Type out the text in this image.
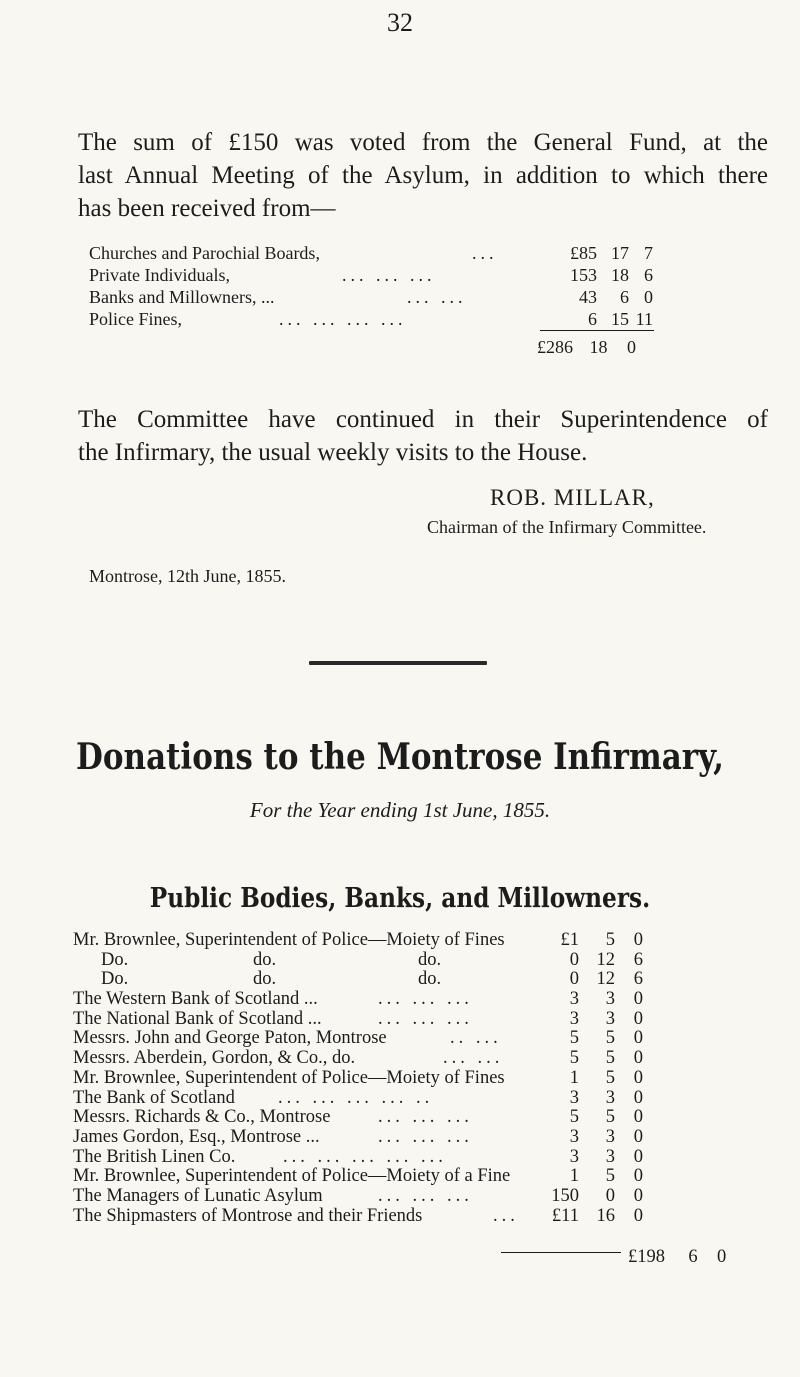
32
The sum of £150 was voted from the General Fund, at the
last Annual Meeting of the Asylum, in addition to which there
has been received from—
Churches and Parochial Boards,	...	£85 17 7
Private Individuals,	... ... ...	153 18 6
Banks and Millowners, ...	... ...	43	6 0
Police Fines,	... ... ... ...	6 15 11
£286 18 0
The Committee have continued in their Superintendence of
the Infirmary, the usual weekly visits to the House.
ROB. MILLAR,
Chairman of the Infirmary Committee.
Montrose, 12th June, 1855.
Donations to the Montrose Infirmary,
For the Year ending 1st June, 1855.
Public Bodies, Banks, and Millowners.
Mr. Brownlee, Superintendent of Police—Moiety of Fines	£1	5	0
Do.	do.	do.	0 12	6
Do.	do.	do.	0 12	6
The Western Bank of Scotland ...	... ... ...	3	3	0
The National Bank of Scotland ...	... ... ...	3	3	0
Messrs. John and George Paton, Montrose	.. ...	5	5	0
Messrs. Aberdein, Gordon, & Co., do.	... ...	5	5	0
Mr. Brownlee, Superintendent of Police—Moiety of Fines	1	5	0
The Bank of Scotland ... ... ... ... ..	3	3	0
Messrs. Richards & Co., Montrose	... ... ...	5	5	0
James Gordon, Esq., Montrose ...	... ... ...	3	3	0
The British Linen Co.	... ... ... ... ...	3	3	0
Mr. Brownlee, Superintendent of Police—Moiety of a Fine	1	5	0
The Managers of Lunatic Asylum	... ... ...	150	0	0
The Shipmasters of Montrose and their Friends	...	£11 16	0
£198 6 0
